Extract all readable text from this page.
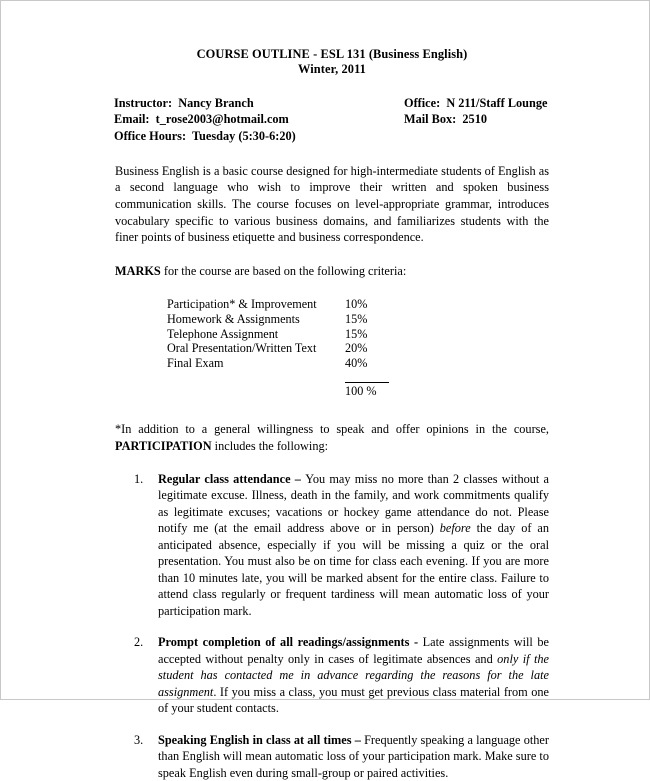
COURSE OUTLINE - ESL 131 (Business English)
Winter, 2011
Instructor:  Nancy Branch	Office:  N 211/Staff Lounge
Email:  t_rose2003@hotmail.com	Mail Box:  2510
Office Hours:  Tuesday (5:30-6:20)

Business English is a basic course designed for high-intermediate students of English as a second language who wish to improve their written and spoken business communication skills. The course focuses on level-appropriate grammar, introduces vocabulary specific to various business domains, and familiarizes students with the finer points of business etiquette and business correspondence.

MARKS for the course are based on the following criteria:

Participation* & Improvement	10%
Homework & Assignments	15%
Telephone Assignment	15%
Oral Presentation/Written Text	20%
Final Exam	40%
100 %

*In addition to a general willingness to speak and offer opinions in the course, PARTICIPATION includes the following:

1. Regular class attendance – You may miss no more than 2 classes without a legitimate excuse. Illness, death in the family, and work commitments qualify as legitimate excuses; vacations or hockey game attendance do not. Please notify me (at the email address above or in person) before the day of an anticipated absence, especially if you will be missing a quiz or the oral presentation. You must also be on time for class each evening. If you are more than 10 minutes late, you will be marked absent for the entire class. Failure to attend class regularly or frequent tardiness will mean automatic loss of your participation mark.
2. Prompt completion of all readings/assignments - Late assignments will be accepted without penalty only in cases of legitimate absences and only if the student has contacted me in advance regarding the reasons for the late assignment. If you miss a class, you must get previous class material from one of your student contacts.
3. Speaking English in class at all times – Frequently speaking a language other than English will mean automatic loss of your participation mark. Make sure to speak English even during small-group or paired activities.
